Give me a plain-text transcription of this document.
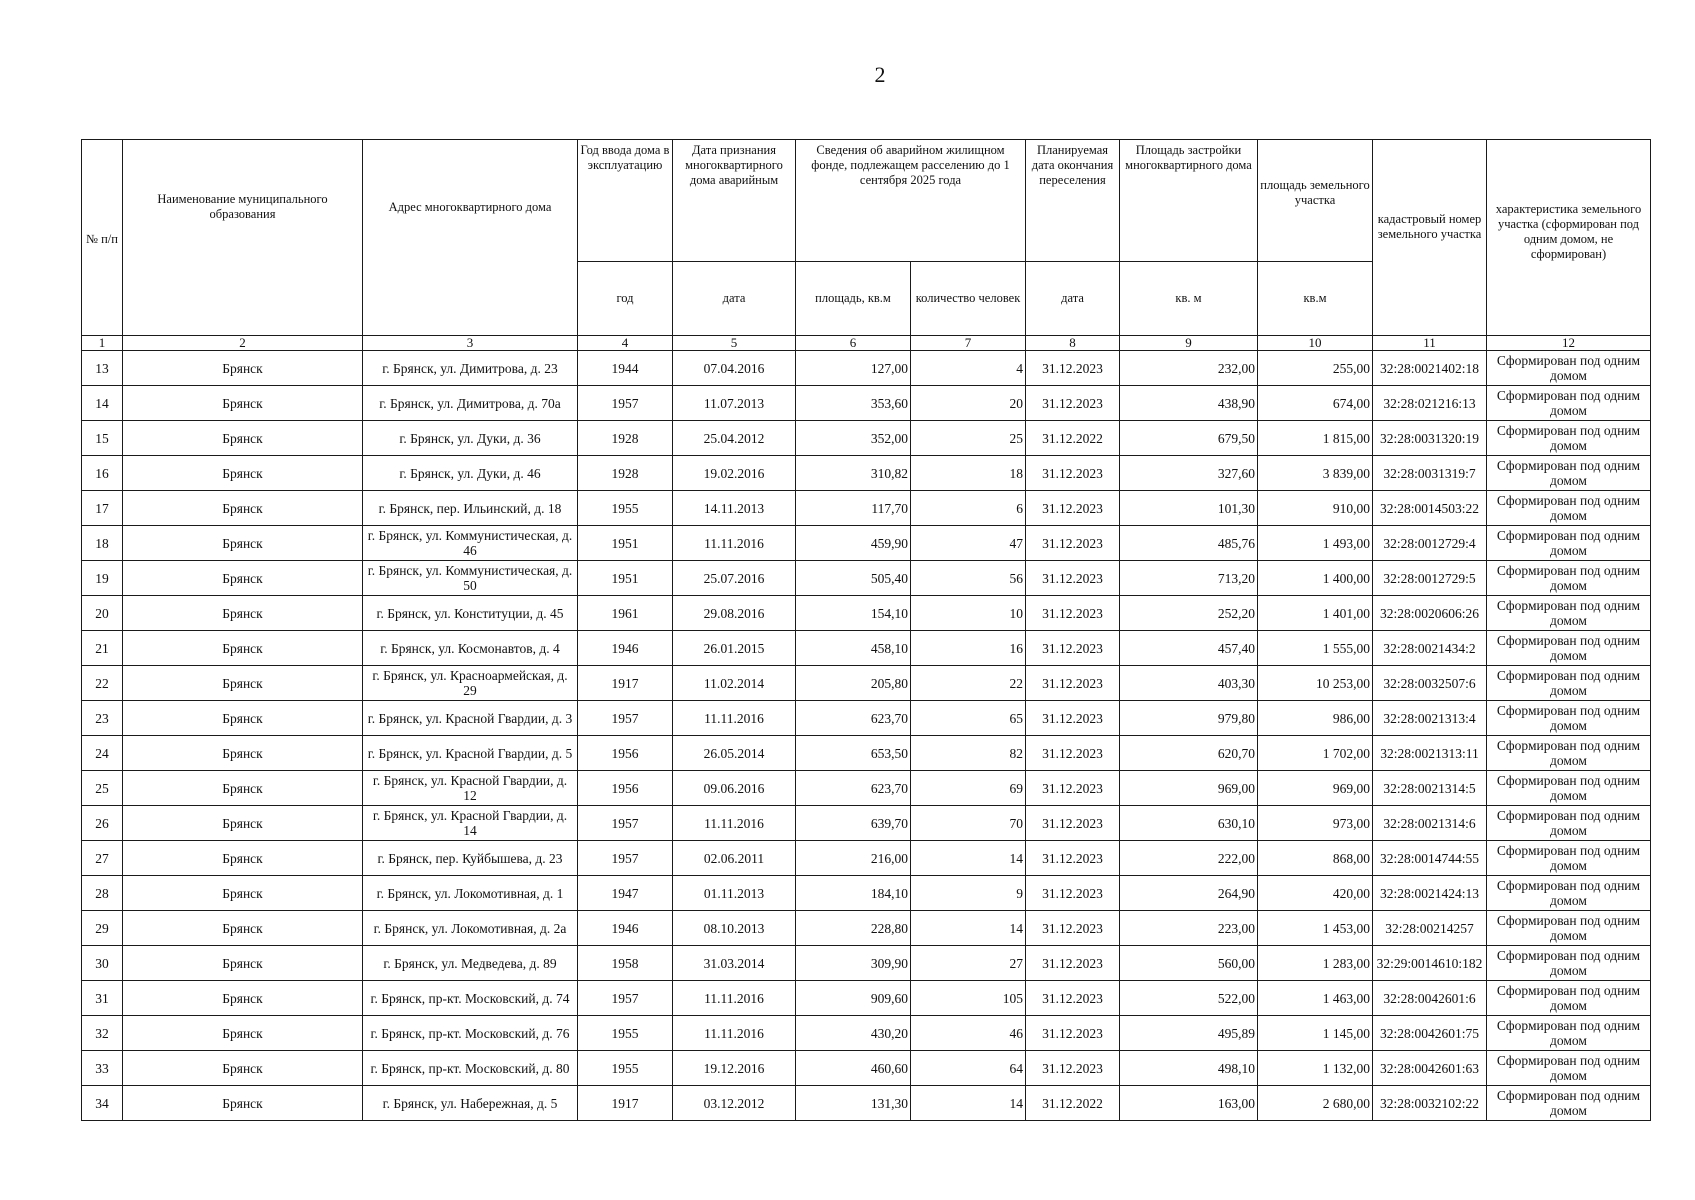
2
№ п/п	Наименование муниципального образования	Адрес многоквартирного дома	Год ввода дома в эксплуатацию	Дата признания многоквартирного дома аварийным	Сведения об аварийном жилищном фонде, подлежащем расселению до 1 сентября 2025 года		Планируемая дата окончания переселения	Площадь застройки многоквартирного дома	площадь земельного участка	кадастровый номер земельного участка	характеристика земельного участка (сформирован под одним домом, не сформирован)
			год	дата	площадь, кв.м	количество человек	дата	кв. м	кв.м		
1	2	3	4	5	6	7	8	9	10	11	12
13	Брянск	г. Брянск, ул. Димитрова, д. 23	1944	07.04.2016	127,00	4	31.12.2023	232,00	255,00	32:28:0021402:18	Сформирован под одним домом
14	Брянск	г. Брянск, ул. Димитрова, д. 70а	1957	11.07.2013	353,60	20	31.12.2023	438,90	674,00	32:28:021216:13	Сформирован под одним домом
15	Брянск	г. Брянск, ул. Дуки, д. 36	1928	25.04.2012	352,00	25	31.12.2022	679,50	1 815,00	32:28:0031320:19	Сформирован под одним домом
16	Брянск	г. Брянск, ул. Дуки, д. 46	1928	19.02.2016	310,82	18	31.12.2023	327,60	3 839,00	32:28:0031319:7	Сформирован под одним домом
17	Брянск	г. Брянск, пер. Ильинский, д. 18	1955	14.11.2013	117,70	6	31.12.2023	101,30	910,00	32:28:0014503:22	Сформирован под одним домом
18	Брянск	г. Брянск, ул. Коммунистическая, д. 46	1951	11.11.2016	459,90	47	31.12.2023	485,76	1 493,00	32:28:0012729:4	Сформирован под одним домом
19	Брянск	г. Брянск, ул. Коммунистическая, д. 50	1951	25.07.2016	505,40	56	31.12.2023	713,20	1 400,00	32:28:0012729:5	Сформирован под одним домом
20	Брянск	г. Брянск, ул. Конституции, д. 45	1961	29.08.2016	154,10	10	31.12.2023	252,20	1 401,00	32:28:0020606:26	Сформирован под одним домом
21	Брянск	г. Брянск, ул. Космонавтов, д. 4	1946	26.01.2015	458,10	16	31.12.2023	457,40	1 555,00	32:28:0021434:2	Сформирован под одним домом
22	Брянск	г. Брянск, ул. Красноармейская, д. 29	1917	11.02.2014	205,80	22	31.12.2023	403,30	10 253,00	32:28:0032507:6	Сформирован под одним домом
23	Брянск	г. Брянск, ул. Красной Гвардии, д. 3	1957	11.11.2016	623,70	65	31.12.2023	979,80	986,00	32:28:0021313:4	Сформирован под одним домом
24	Брянск	г. Брянск, ул. Красной Гвардии, д. 5	1956	26.05.2014	653,50	82	31.12.2023	620,70	1 702,00	32:28:0021313:11	Сформирован под одним домом
25	Брянск	г. Брянск, ул. Красной Гвардии, д. 12	1956	09.06.2016	623,70	69	31.12.2023	969,00	969,00	32:28:0021314:5	Сформирован под одним домом
26	Брянск	г. Брянск, ул. Красной Гвардии, д. 14	1957	11.11.2016	639,70	70	31.12.2023	630,10	973,00	32:28:0021314:6	Сформирован под одним домом
27	Брянск	г. Брянск, пер. Куйбышева, д. 23	1957	02.06.2011	216,00	14	31.12.2023	222,00	868,00	32:28:0014744:55	Сформирован под одним домом
28	Брянск	г. Брянск, ул. Локомотивная, д. 1	1947	01.11.2013	184,10	9	31.12.2023	264,90	420,00	32:28:0021424:13	Сформирован под одним домом
29	Брянск	г. Брянск, ул. Локомотивная, д. 2а	1946	08.10.2013	228,80	14	31.12.2023	223,00	1 453,00	32:28:00214257	Сформирован под одним домом
30	Брянск	г. Брянск, ул. Медведева, д. 89	1958	31.03.2014	309,90	27	31.12.2023	560,00	1 283,00	32:29:0014610:182	Сформирован под одним домом
31	Брянск	г. Брянск, пр-кт. Московский, д. 74	1957	11.11.2016	909,60	105	31.12.2023	522,00	1 463,00	32:28:0042601:6	Сформирован под одним домом
32	Брянск	г. Брянск, пр-кт. Московский, д. 76	1955	11.11.2016	430,20	46	31.12.2023	495,89	1 145,00	32:28:0042601:75	Сформирован под одним домом
33	Брянск	г. Брянск, пр-кт. Московский, д. 80	1955	19.12.2016	460,60	64	31.12.2023	498,10	1 132,00	32:28:0042601:63	Сформирован под одним домом
34	Брянск	г. Брянск, ул. Набережная, д. 5	1917	03.12.2012	131,30	14	31.12.2022	163,00	2 680,00	32:28:0032102:22	Сформирован под одним домом
